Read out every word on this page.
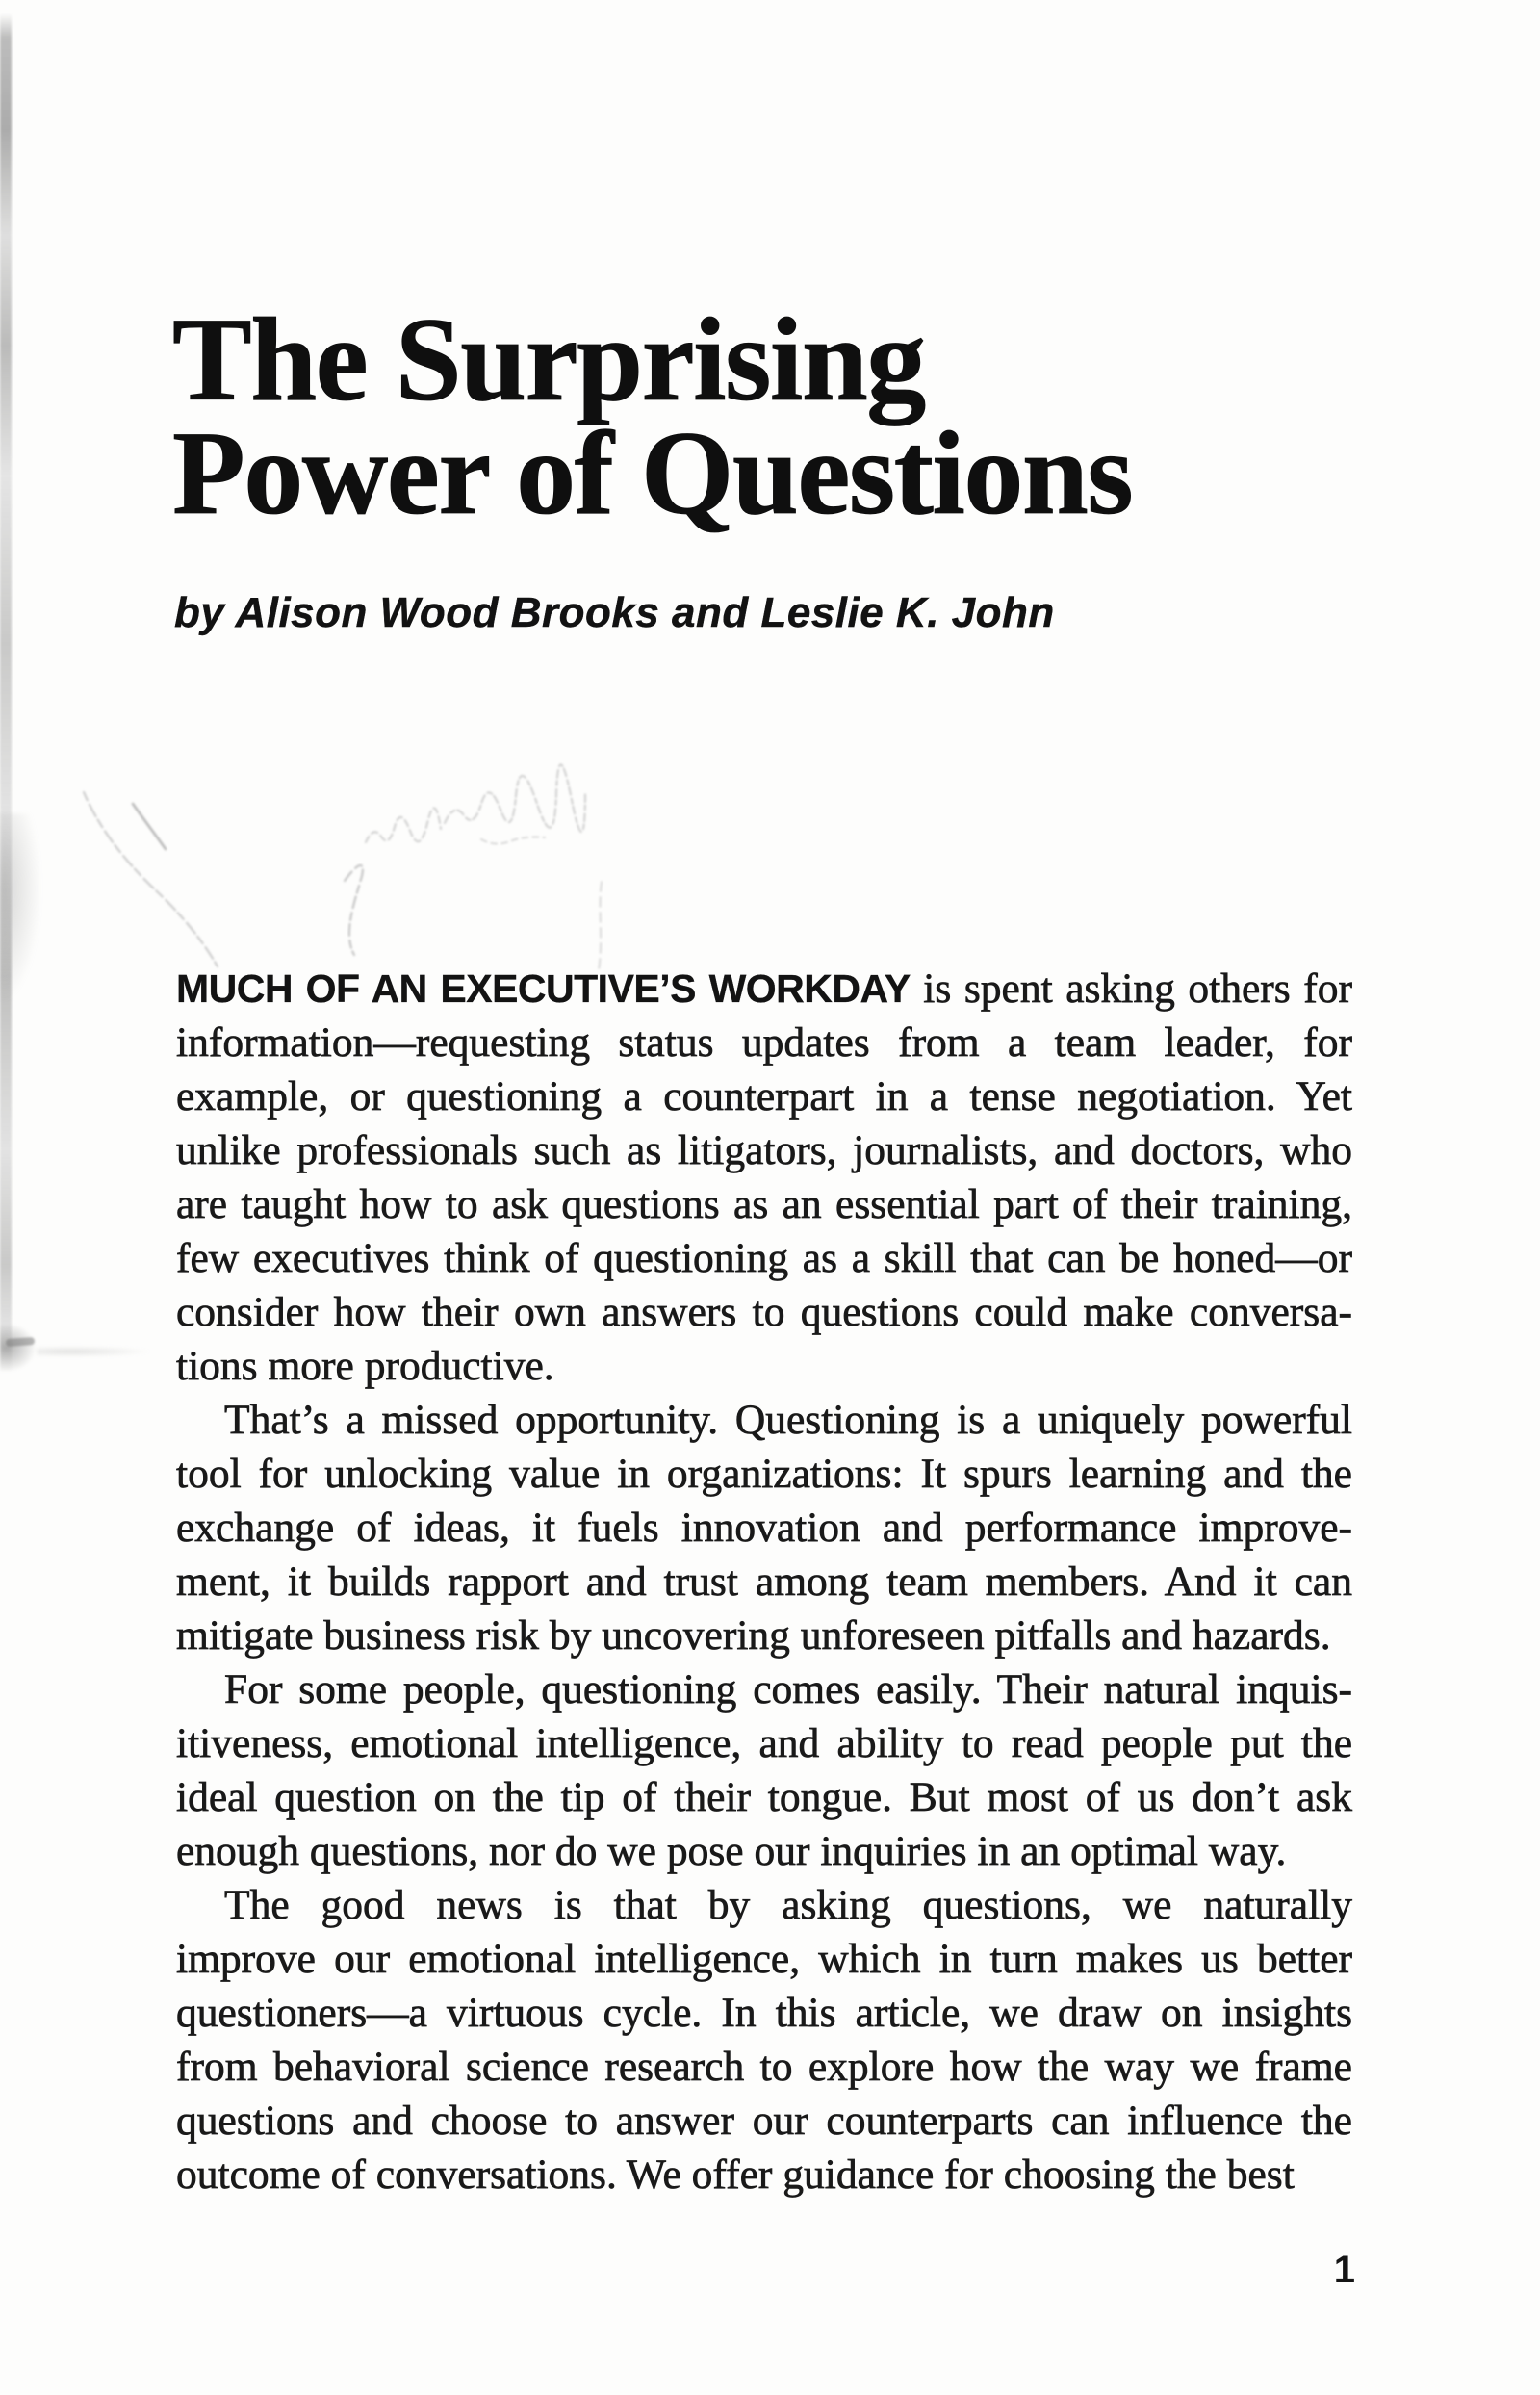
The Surprising
Power of Questions

by Alison Wood Brooks and Leslie K. John

MUCH OF AN EXECUTIVE’S WORKDAY is spent asking others for
information—requesting status updates from a team leader, for
example, or questioning a counterpart in a tense negotiation. Yet
unlike professionals such as litigators, journalists, and doctors, who
are taught how to ask questions as an essential part of their training,
few executives think of questioning as a skill that can be honed—or
consider how their own answers to questions could make conversa-
tions more productive.
That’s a missed opportunity. Questioning is a uniquely powerful
tool for unlocking value in organizations: It spurs learning and the
exchange of ideas, it fuels innovation and performance improve-
ment, it builds rapport and trust among team members. And it can
mitigate business risk by uncovering unforeseen pitfalls and hazards.
For some people, questioning comes easily. Their natural inquis-
itiveness, emotional intelligence, and ability to read people put the
ideal question on the tip of their tongue. But most of us don’t ask
enough questions, nor do we pose our inquiries in an optimal way.
The good news is that by asking questions, we naturally
improve our emotional intelligence, which in turn makes us better
questioners—a virtuous cycle. In this article, we draw on insights
from behavioral science research to explore how the way we frame
questions and choose to answer our counterparts can influence the
outcome of conversations. We offer guidance for choosing the best
1
